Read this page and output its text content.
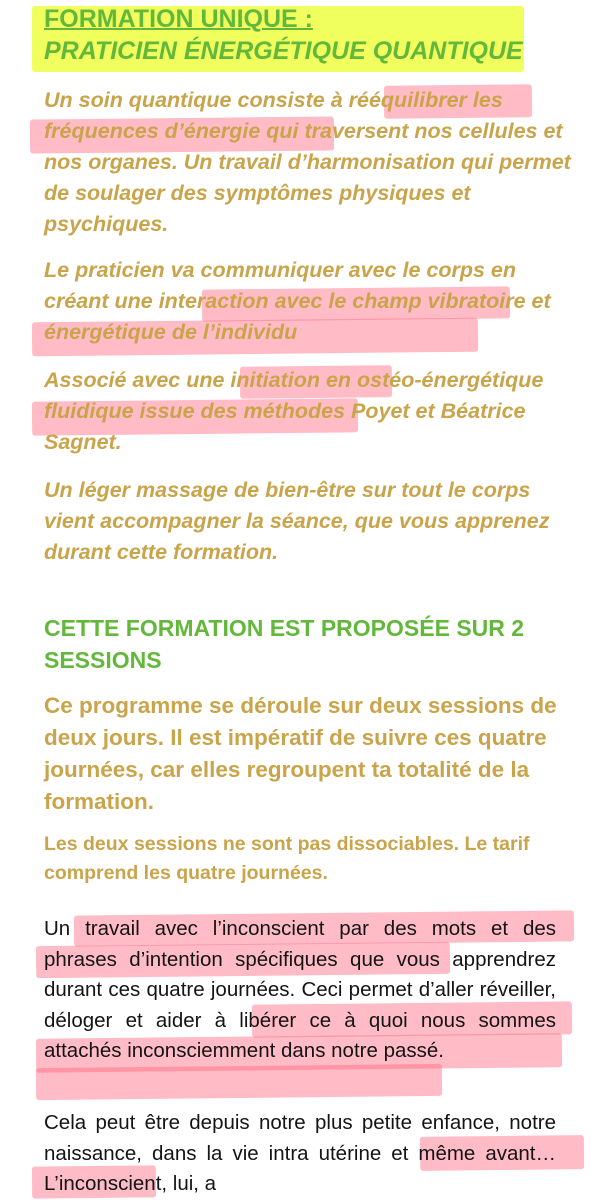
FORMATION UNIQUE :
PRATICIEN ÉNERGÉTIQUE QUANTIQUE

Un soin quantique consiste à rééquilibrer les fréquences d’énergie qui traversent nos cellules et nos organes. Un travail d’harmonisation qui permet de soulager des symptômes physiques et psychiques.

Le praticien va communiquer avec le corps en créant une interaction avec le champ vibratoire et énergétique de l’individu

Associé avec une initiation en ostéo-énergétique fluidique issue des méthodes Poyet et Béatrice Sagnet.

Un léger massage de bien-être sur tout le corps vient accompagner la séance, que vous apprenez durant cette formation.

CETTE FORMATION EST PROPOSÉE SUR 2 SESSIONS

Ce programme se déroule sur deux sessions de deux jours. Il est impératif de suivre ces quatre journées, car elles regroupent ta totalité de la formation.

Les deux sessions ne sont pas dissociables. Le tarif comprend les quatre journées.

Un travail avec l’inconscient par des mots et des phrases d’intention spécifiques que vous apprendrez durant ces quatre journées. Ceci permet d’aller réveiller, déloger et aider à libérer ce à quoi nous sommes attachés inconsciemment dans notre passé.

Cela peut être depuis notre plus petite enfance, notre naissance, dans la vie intra utérine et même avant… L’inconscient, lui, a
